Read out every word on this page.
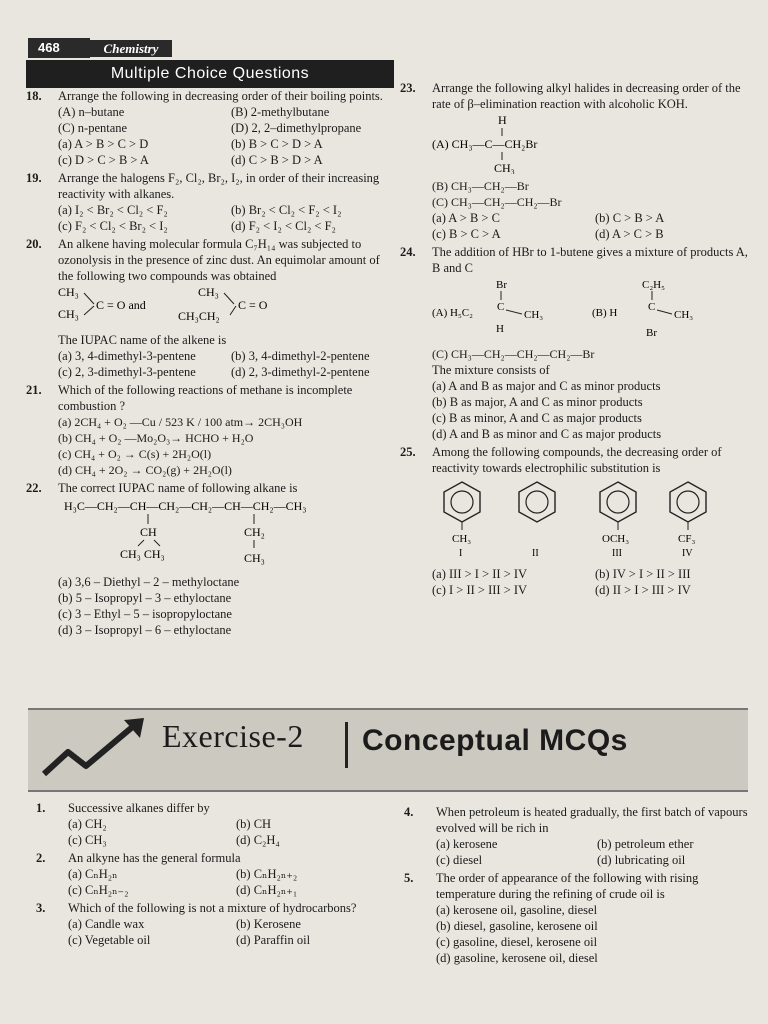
468	Chemistry
Multiple Choice Questions
18. Arrange the following in decreasing order of their boiling points.
(A) n–butane	(B) 2-methylbutane
(C) n-pentane	(D) 2, 2–dimethylpropane
(a) A > B > C > D	(b) B > C > D > A
(c) D > C > B > A	(d) C > B > D > A
19. Arrange the halogens F₂, Cl₂, Br₂, I₂, in order of their increasing reactivity with alkanes.
(a) I₂ < Br₂ < Cl₂ < F₂	(b) Br₂ < Cl₂ < F₂ < I₂
(c) F₂ < Cl₂ < Br₂ < I₂	(d) F₂ < I₂ < Cl₂ < F₂
20. An alkene having molecular formula C₇H₁₄ was subjected to ozonolysis in the presence of zinc dust. An equimolar amount of the following two compounds was obtained
CH₃
CH₃
C = O and
CH₃
CH₃CH₂
C = O
The IUPAC name of the alkene is
(a) 3, 4-dimethyl-3-pentene	(b) 3, 4-dimethyl-2-pentene
(c) 2, 3-dimethyl-3-pentene	(d) 2, 3-dimethyl-2-pentene
21. Which of the following reactions of methane is incomplete combustion ?
(a) 2CH₄ + O₂ —Cu / 523 K / 100 atm→ 2CH₃OH
(b) CH₄ + O₂ —Mo₂O₃→ HCHO + H₂O
(c) CH₄ + O₂ → C(s) + 2H₂O(l)
(d) CH₄ + 2O₂ → CO₂(g) + 2H₂O(l)
22. The correct IUPAC name of following alkane is
H₃C—CH₂—CH—CH₂—CH₂—CH—CH₂—CH₃
CH
CH₃ CH₃
CH₂
CH₃
(a) 3,6 – Diethyl – 2 – methyloctane
(b) 5 – Isopropyl – 3 – ethyloctane
(c) 3 – Ethyl – 5 – isopropyloctane
(d) 3 – Isopropyl – 6 – ethyloctane
23. Arrange the following alkyl halides in decreasing order of the rate of β–elimination reaction with alcoholic KOH.
H
(A) CH₃—C—CH₂Br
CH₃
(B) CH₃—CH₂—Br
(C) CH₃—CH₂—CH₂—Br
(a) A > B > C	(b) C > B > A
(c) B > C > A	(d) A > C > B
24. The addition of HBr to 1-butene gives a mixture of products A, B and C
Br
(A) H₅C₂ C
CH₃
H
C₂H₅
(B) H	C
CH₃
Br
(C) CH₃—CH₂—CH₂—CH₂—Br
The mixture consists of
(a) A and B as major and C as minor products
(b) B as major, A and C as minor products
(c) B as minor, A and C as major products
(d) A and B as minor and C as major products
25. Among the following compounds, the decreasing order of reactivity towards electrophilic substitution is
CH₃
I	II
OCH₃
III
CF₃
IV
(a) III > I > II > IV	(b) IV > I > II > III
(c) I > II > III > IV	(d) II > I > III > IV
Exercise-2 Conceptual MCQs
1. Successive alkanes differ by
(a) CH₂	(b) CH
(c) CH₃	(d) C₂H₄
2. An alkyne has the general formula
(a) CₙH₂ₙ	(b) CₙH₂ₙ₊₂
(c) CₙH₂ₙ₋₂	(d) CₙH₂ₙ₊₁
3. Which of the following is not a mixture of hydrocarbons?
(a) Candle wax	(b) Kerosene
(c) Vegetable oil	(d) Paraffin oil
4. When petroleum is heated gradually, the first batch of vapours evolved will be rich in
(a) kerosene	(b) petroleum ether
(c) diesel	(d) lubricating oil
5. The order of appearance of the following with rising temperature during the refining of crude oil is
(a) kerosene oil, gasoline, diesel
(b) diesel, gasoline, kerosene oil
(c) gasoline, diesel, kerosene oil
(d) gasoline, kerosene oil, diesel
